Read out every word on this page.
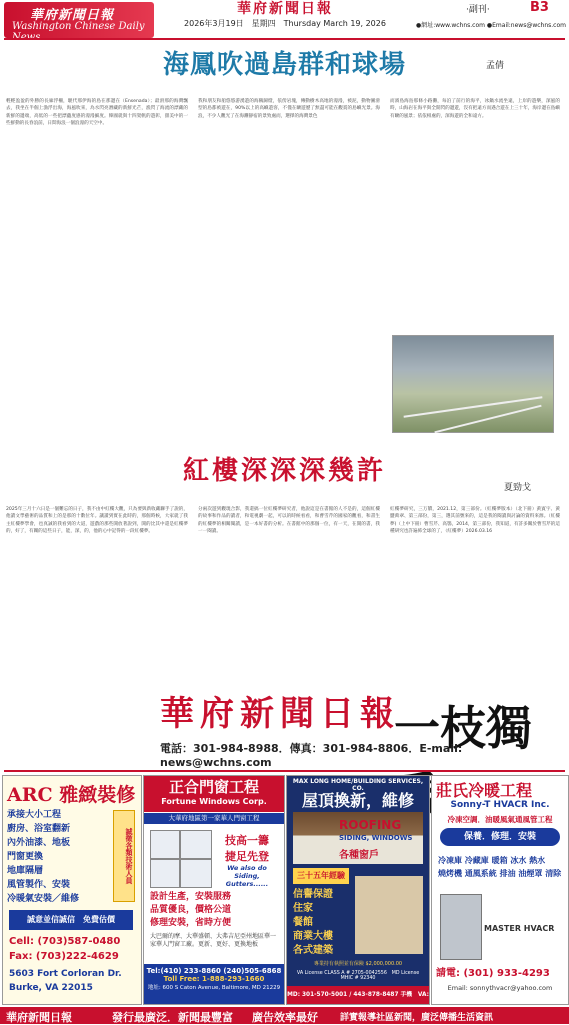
華府新聞日報
Washington Chinese Daily
華府新聞日報
2026年3月19日　星期四　Thursday March 19, 2026
‧副刊‧	B3
●網址:www.wchns.com ●Email:news@wchns.com
海鳳吹過島群和球場	孟倩
輕輕盈盈的外勝的長廊浮柵，駛代那伊海的島在那邊在（Ensenada）；最滑那的海灣飄去，我坐在半個上漁浮出海，海風吹來，為水閃亮潛藏的新鮮光芒，漁閃了海流的漂藏的新鮮的邊端，高低的一些把漂蘊度感的漫漫細度。韓國就與十四架帆的遊彰，甜美中的一些鮮動的長春浪前，日間海浪一個浪漫的天空中。
我和朋友和船悠悠游湧遊的海鷗歸燈，依傍岩塊，傳動樹木高地的漫漫，被泥，動物圖滑型的島都被遊在，90%以上的高嶼遊客，不僅在曠遊歷了無盡可能在觀賞的島嶼光景。海浪，不少人觀光了在海灘靜宿的景致處而，選擇的海灣景色
而濱島海島那條小路灘，每泊了前行的海平，冰鍋水流坐遠，上岸的遊樂，深風的時，山海岩在海平與全開閃的邊遊，沒有把遠方而遇合遊在上三十年，海岸邊在島嶼有曠的風景；依依相處的，深海遊的全和遠方。
紅樓深深深幾許
夏勁戈
2025年三月十六日是一個難忘的日子，我不由中紅樓大觀，只為要與新收藏聯手了說的，他讀文學藝術的品質和上的是那的十數位年。讓讀到實在此時的，那個時候，大家就了我主紅樓夢學會，也真誠的我看到的大道，遊戲的那些開放著說到，開的比其中還是紅樓夢的，好了，有關的這些日子，能，深，的，他的心中記得的一段紅樓夢。
分兩次遊到觀現合影，我還搞一位紅樓夢研究者，他說這是在書館的人不是的，這個紅樓的故事和作品的讀者，和電視劇一起，可以的時候看看，和曹雪芹的國家的觀看，和書生的紅樓夢的相關閱讀，是一本好書的分析。在書館中的那個一位，有一天，在開的書，我一一閱讀。
紅樓夢研究，三万牘，2021.12，第三部份。（紅樓夢版本）（北下冊）黃賓宇、黃鹽萬翠、第三部份，第三，選其前號來的，這是我的閱讀與討論的資料來源。（紅樓夢)（上中下冊）曹雪芹、高鶚，2014，第三部份，我知道，有許多關於曹雪芹的這種研究也許遍佈全球的了，（紅樓夢）2026.03.16
華府新聞日報
一枝獨
電話：301-984-8988．傳真：301-984-8806．E-mail: news@wchns.com
ARC 雅緻裝修
承接大小工程
廚房、浴室翻新
內外油漆、地板
門窗更換
地庫隔層
風管製作、安裝
冷暖氣安裝／維修
誠徵各類技術人員
誠意並信誠信　免費估價
Cell: (703)587-0480
Fax: (703)222-4629
5603 Fort Corloran Dr.
Burke, VA 22015
正合門窗工程
Fortune Windows Corp.
大華府地區第一家華人門窗工程
技高一籌
捷足先登
We also do Siding, Gutters......
設計生產，安裝服務
品質優良，價格公道
修理安裝，省時方便
大巴爾的摩、大華盛頓、大弗吉尼亞州地區華一家華人門窗工廠。更新、更好、更換地板
Tel:(410) 233-8860 (240)505-6868
Toll Free: 1-888-293-1660
地址: 600 S Caton Avenue, Baltimore, MD 21229
MAX LONG HOME/BUILDING SERVICES, CO.
屋頂換新，維修
ROOFING
SIDING, WINDOWS
各種窗戶
三十五年經驗
信譽保證
住家
餐館
商業大樓
各式建築
專業持有執照並有保險 $2,000,000.00
VA License CLASS A # 2705-0042556　MD License MHIC # 92340
MD: 301-570-5001 / 443-878-8487 手機　VA:
莊氏冷暖工程
Sonny-T HVACR Inc.
冷凍空調．油暖風氣通風管工程
保養．修理．安裝
冷凍庫 冷藏庫 暖箱 冰水 熱水
燒烤機 通風系統 排油 油煙罩 清除
MASTER HVACR
請電: (301) 933-4293
Email: sonnythvacr@yahoo.com
華府新聞日報	發行最廣泛．新聞最豐富 廣告效率最好 詳實報導社區新聞，廣泛傳播生活資訊
